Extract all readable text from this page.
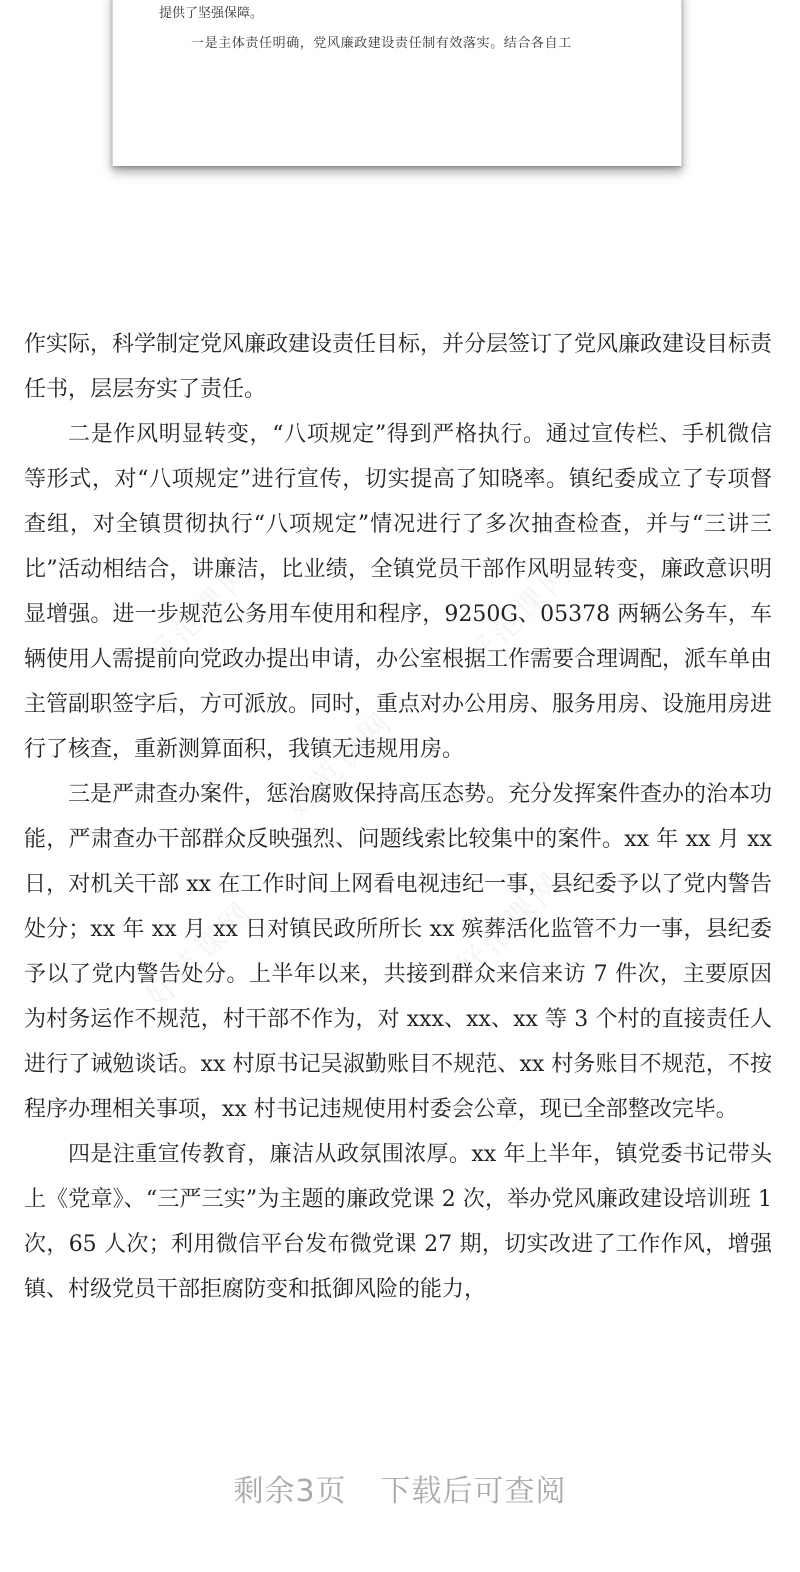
提供了坚强保障。
一是主体责任明确，党风廉政建设责任制有效落实。结合各自工
好范课网	好范课网
好范课网
好范课网	好范课网

作实际，科学制定党风廉政建设责任目标，并分层签订了党风廉政建设目标责任书，层层夯实了责任。

二是作风明显转变，“八项规定”得到严格执行。通过宣传栏、手机微信等形式，对“八项规定”进行宣传，切实提高了知晓率。镇纪委成立了专项督查组，对全镇贯彻执行“八项规定”情况进行了多次抽查检查，并与“三讲三比”活动相结合，讲廉洁，比业绩，全镇党员干部作风明显转变，廉政意识明显增强。进一步规范公务用车使用和程序，9250G、05378 两辆公务车，车辆使用人需提前向党政办提出申请，办公室根据工作需要合理调配，派车单由主管副职签字后，方可派放。同时，重点对办公用房、服务用房、设施用房进行了核查，重新测算面积，我镇无违规用房。

三是严肃查办案件，惩治腐败保持高压态势。充分发挥案件查办的治本功能，严肃查办干部群众反映强烈、问题线索比较集中的案件。xx 年 xx 月 xx 日，对机关干部 xx 在工作时间上网看电视违纪一事，县纪委予以了党内警告处分；xx 年 xx 月 xx 日对镇民政所所长 xx 殡葬活化监管不力一事，县纪委予以了党内警告处分。上半年以来，共接到群众来信来访 7 件次，主要原因为村务运作不规范，村干部不作为，对 xxx、xx、xx 等 3 个村的直接责任人进行了诫勉谈话。xx 村原书记吴淑勤账目不规范、xx 村务账目不规范，不按程序办理相关事项，xx 村书记违规使用村委会公章，现已全部整改完毕。

四是注重宣传教育，廉洁从政氛围浓厚。xx 年上半年，镇党委书记带头上《党章》、“三严三实”为主题的廉政党课 2 次，举办党风廉政建设培训班 1 次，65 人次；利用微信平台发布微党课 27 期，切实改进了工作作风，增强镇、村级党员干部拒腐防变和抵御风险的能力，

剩余3页 下载后可查阅
